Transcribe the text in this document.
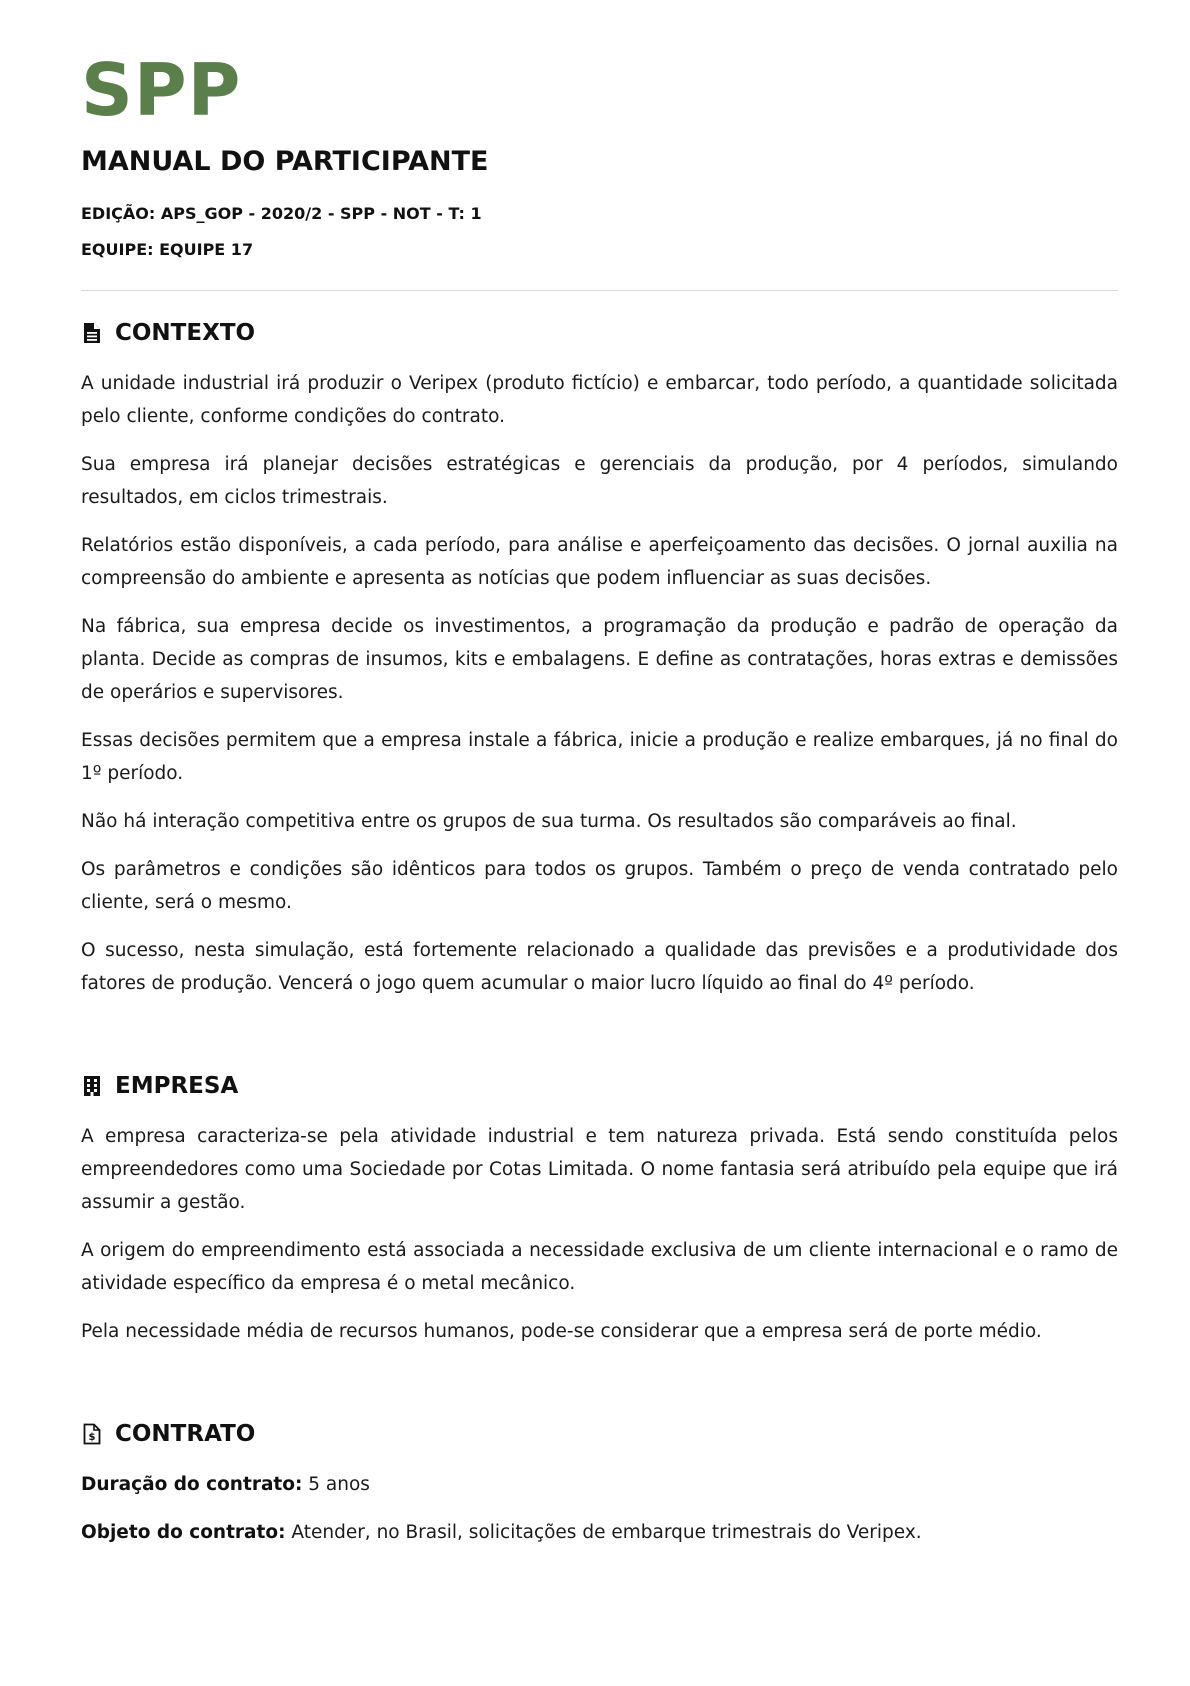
SPP
MANUAL DO PARTICIPANTE
EDIÇÃO: APS_GOP - 2020/2 - SPP - NOT - T: 1
EQUIPE: EQUIPE 17
CONTEXTO

A unidade industrial irá produzir o Veripex (produto fictício) e embarcar, todo período, a quantidade solicitada pelo cliente, conforme condições do contrato.

Sua empresa irá planejar decisões estratégicas e gerenciais da produção, por 4 períodos, simulando resultados, em ciclos trimestrais.

Relatórios estão disponíveis, a cada período, para análise e aperfeiçoamento das decisões. O jornal auxilia na compreensão do ambiente e apresenta as notícias que podem influenciar as suas decisões.

Na fábrica, sua empresa decide os investimentos, a programação da produção e padrão de operação da planta. Decide as compras de insumos, kits e embalagens. E define as contratações, horas extras e demissões de operários e supervisores.

Essas decisões permitem que a empresa instale a fábrica, inicie a produção e realize embarques, já no final do 1º período.

Não há interação competitiva entre os grupos de sua turma. Os resultados são comparáveis ao final.

Os parâmetros e condições são idênticos para todos os grupos. Também o preço de venda contratado pelo cliente, será o mesmo.

O sucesso, nesta simulação, está fortemente relacionado a qualidade das previsões e a produtividade dos fatores de produção. Vencerá o jogo quem acumular o maior lucro líquido ao final do 4º período.

EMPRESA

A empresa caracteriza-se pela atividade industrial e tem natureza privada. Está sendo constituída pelos empreendedores como uma Sociedade por Cotas Limitada. O nome fantasia será atribuído pela equipe que irá assumir a gestão.

A origem do empreendimento está associada a necessidade exclusiva de um cliente internacional e o ramo de atividade específico da empresa é o metal mecânico.

Pela necessidade média de recursos humanos, pode-se considerar que a empresa será de porte médio.

$ CONTRATO

Duração do contrato: 5 anos

Objeto do contrato: Atender, no Brasil, solicitações de embarque trimestrais do Veripex.
